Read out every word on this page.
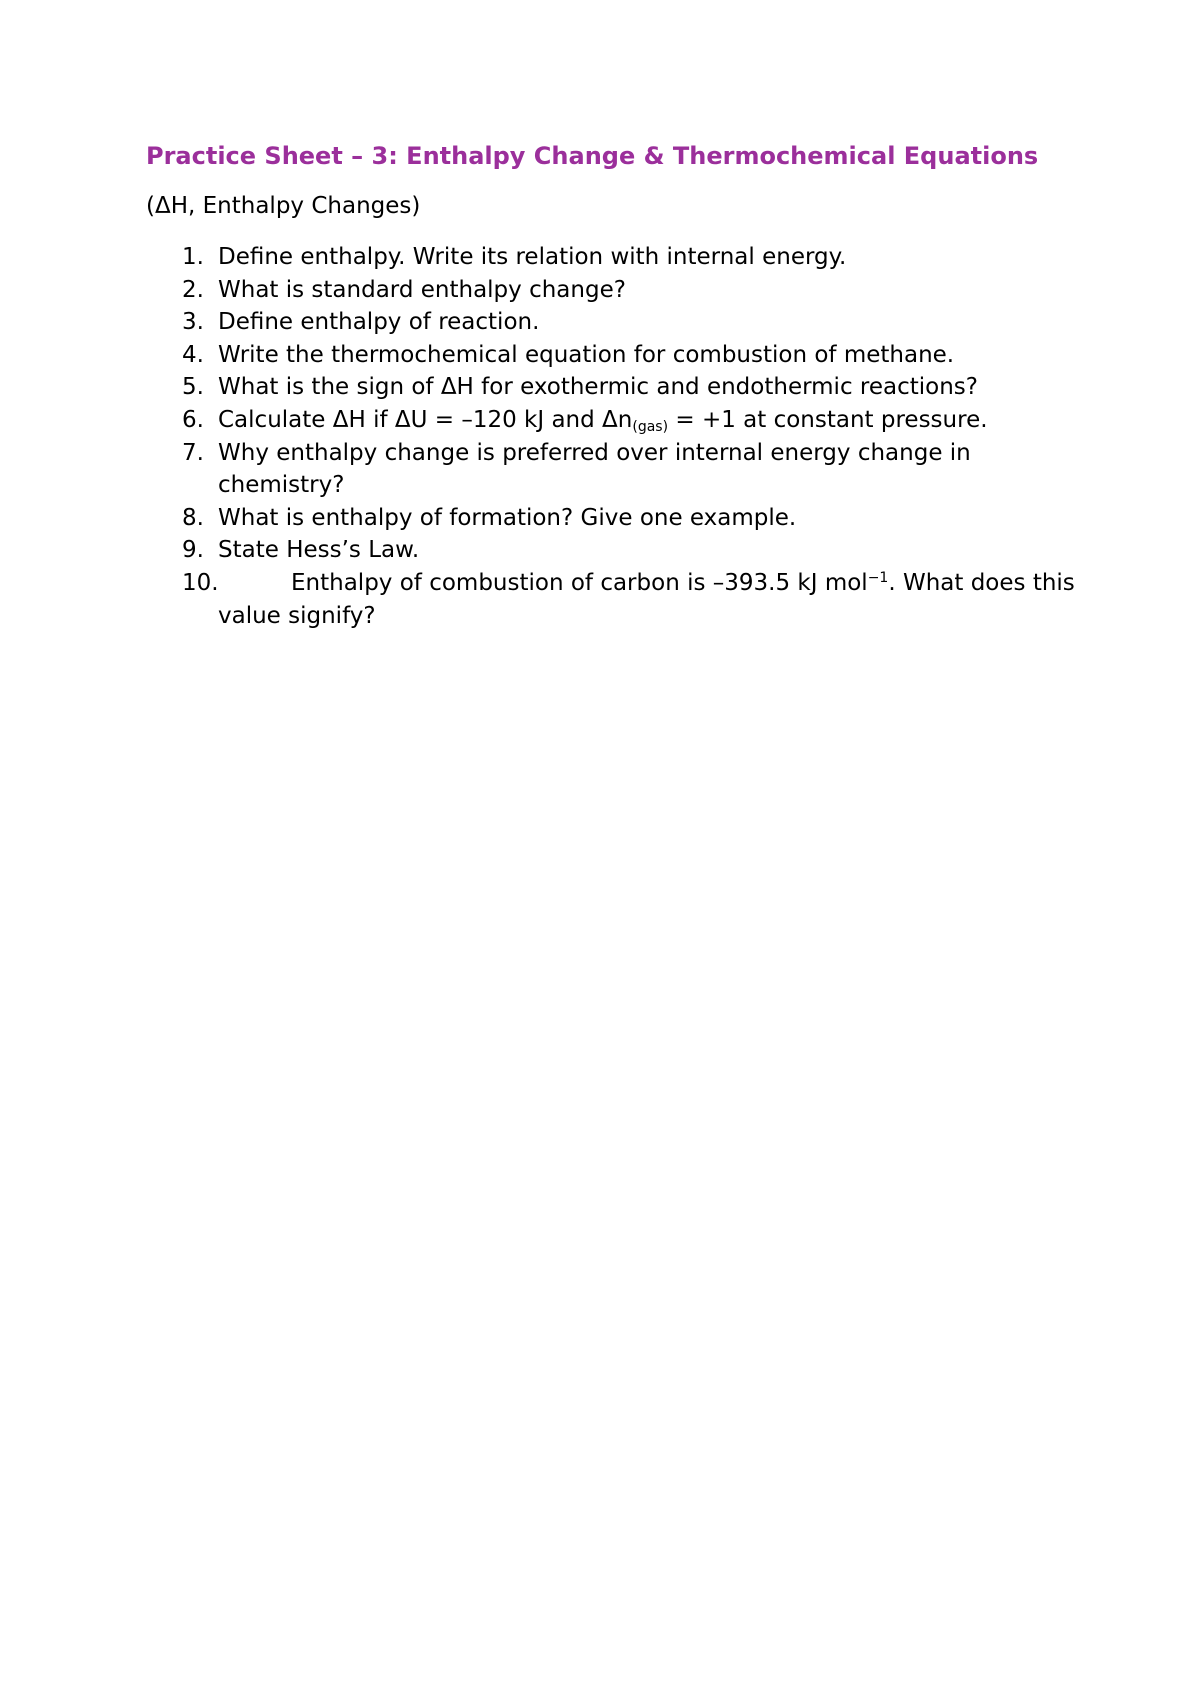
Practice Sheet – 3: Enthalpy Change & Thermochemical Equations

(ΔH, Enthalpy Changes)

1. Define enthalpy. Write its relation with internal energy.
2. What is standard enthalpy change?
3. Define enthalpy of reaction.
4. Write the thermochemical equation for combustion of methane.
5. What is the sign of ΔH for exothermic and endothermic reactions?
6. Calculate ΔH if ΔU = –120 kJ and $\Delta n_{(gas)} = +1$ at constant pressure.
7. Why enthalpy change is preferred over internal energy change in chemistry?
8. What is enthalpy of formation? Give one example.
9. State Hess’s Law.
10.	Enthalpy of combustion of carbon is –393.5 kJ mol$^{-1}$. What does this value signify?
